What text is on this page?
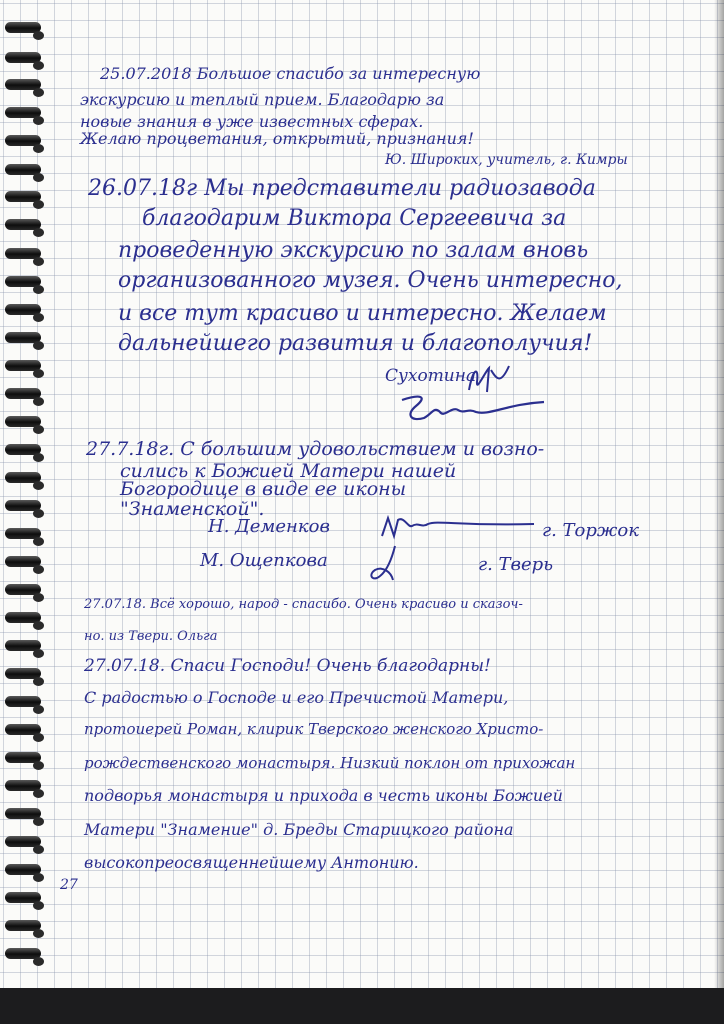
25.07.2018 Большое спасибо за интересную
экскурсию и теплый прием. Благодарю за
новые знания в уже известных сферах.
Желаю процветания, открытий, признания!
Ю. Широких, учитель, г. Кимры
26.07.18г Мы представители радиозавода
благодарим Виктора Сергеевича за
проведенную экскурсию по залам вновь
организованного музея. Очень интересно,
и все тут красиво и интересно. Желаем
дальнейшего развития и благополучия!
Сухотина
27.7.18г. С большим удовольствием и возно-
сились к Божией Матери нашей
Богородице в виде ее иконы
"Знаменской".
Н. Деменков	г. Торжок
М. Ощепкова	г. Тверь
27.07.18. Всё хорошо, народ - спасибо. Очень красиво и сказоч-
но. из Твери. Ольга
27.07.18. Спаси Господи! Очень благодарны!
С радостью о Господе и его Пречистой Матери,
протоиерей Роман, клирик Тверского женского Христо-
рождественского монастыря. Низкий поклон от прихожан
подворья монастыря и прихода в честь иконы Божией
Матери "Знамение" д. Бреды Старицкого района
высокопреосвященнейшему Антонию.
27
